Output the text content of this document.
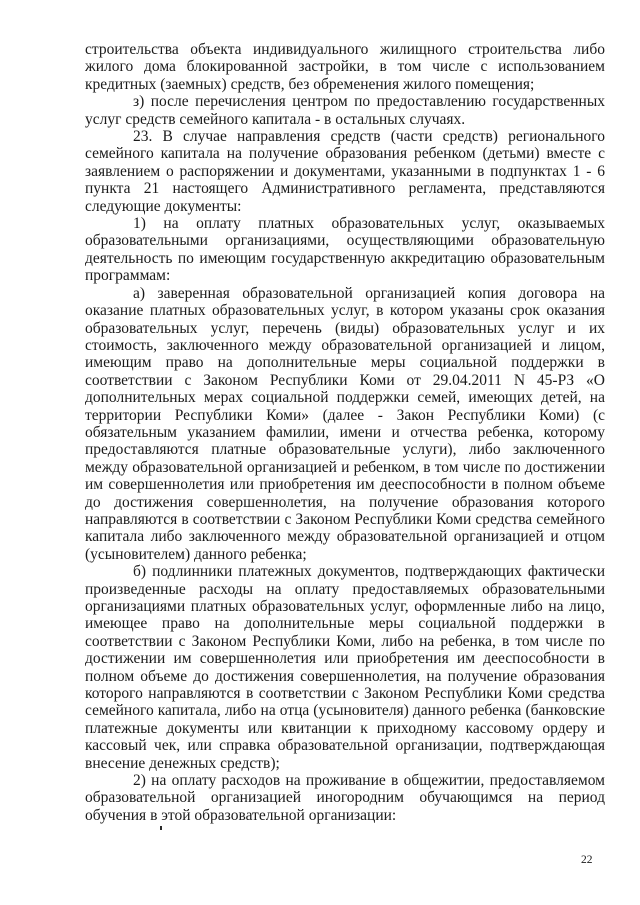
строительства объекта индивидуального жилищного строительства либо жилого дома блокированной застройки, в том числе с использованием кредитных (заемных) средств, без обременения жилого помещения;

з) после перечисления центром по предоставлению государственных услуг средств семейного капитала - в остальных случаях.

23. В случае направления средств (части средств) регионального семейного капитала на получение образования ребенком (детьми) вместе с заявлением о распоряжении и документами, указанными в подпунктах 1 - 6 пункта 21 настоящего Административного регламента, представляются следующие документы:

1) на оплату платных образовательных услуг, оказываемых образовательными организациями, осуществляющими образовательную деятельность по имеющим государственную аккредитацию образовательным программам:

а) заверенная образовательной организацией копия договора на оказание платных образовательных услуг, в котором указаны срок оказания образовательных услуг, перечень (виды) образовательных услуг и их стоимость, заключенного между образовательной организацией и лицом, имеющим право на дополнительные меры социальной поддержки в соответствии с Законом Республики Коми от 29.04.2011 N 45-РЗ «О дополнительных мерах социальной поддержки семей, имеющих детей, на территории Республики Коми» (далее - Закон Республики Коми) (с обязательным указанием фамилии, имени и отчества ребенка, которому предоставляются платные образовательные услуги), либо заключенного между образовательной организацией и ребенком, в том числе по достижении им совершеннолетия или приобретения им дееспособности в полном объеме до достижения совершеннолетия, на получение образования которого направляются в соответствии с Законом Республики Коми средства семейного капитала либо заключенного между образовательной организацией и отцом (усыновителем) данного ребенка;

б) подлинники платежных документов, подтверждающих фактически произведенные расходы на оплату предоставляемых образовательными организациями платных образовательных услуг, оформленные либо на лицо, имеющее право на дополнительные меры социальной поддержки в соответствии с Законом Республики Коми, либо на ребенка, в том числе по достижении им совершеннолетия или приобретения им дееспособности в полном объеме до достижения совершеннолетия, на получение образования которого направляются в соответствии с Законом Республики Коми средства семейного капитала, либо на отца (усыновителя) данного ребенка (банковские платежные документы или квитанции к приходному кассовому ордеру и кассовый чек, или справка образовательной организации, подтверждающая внесение денежных средств);

2) на оплату расходов на проживание в общежитии, предоставляемом образовательной организацией иногородним обучающимся на период обучения в этой образовательной организации:

22
